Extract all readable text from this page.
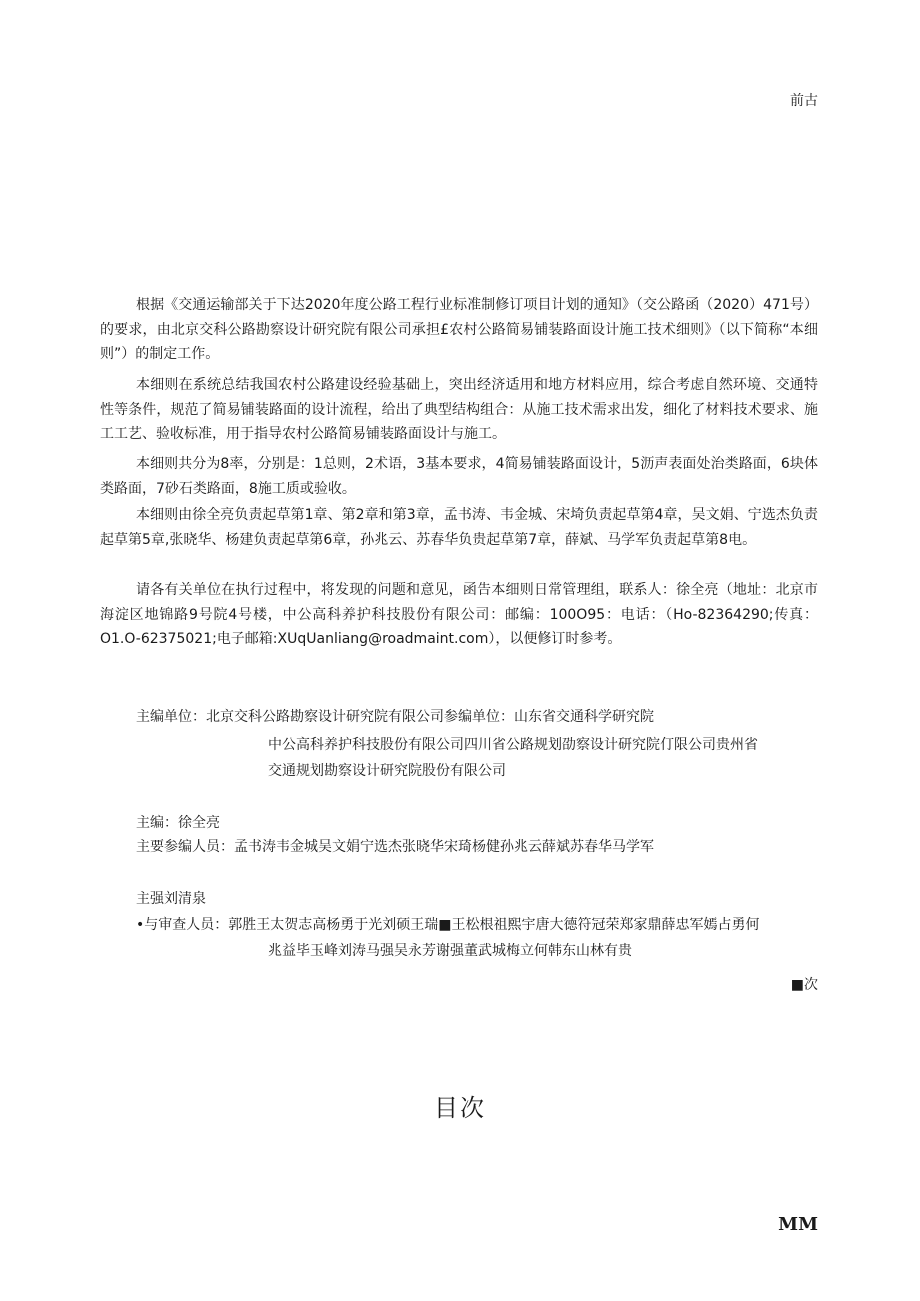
前古

根据《交通运输部关于下达2020年度公路工程行业标准制修订项目计划的通知》（交公路函（2020）471号）的要求，由北京交科公路勘察设计研究院有限公司承担£农村公路简易铺装路面设计施工技术细则》（以下简称“本细则”）的制定工作。

本细则在系统总结我国农村公路建设经验基础上，突出经济适用和地方材料应用，综合考虑自然环境、交通特性等条件，规范了简易铺装路面的设计流程，给出了典型结构组合：从施工技术需求出发，细化了材料技术要求、施工工艺、验收标准，用于指导农村公路简易铺装路面设计与施工。

本细则共分为8率，分别是：1总则，2术语，3基本要求，4简易铺装路面设计，5沥声表面处治类路面，6块体类路面，7砂石类路面，8施工质或验收。

本细则由徐全亮负责起草第1章、第2章和第3章，孟书涛、韦金城、宋埼负责起草第4章，吴文娟、宁选杰负责起草第5章,张晓华、杨建负责起草第6章，孙兆云、苏春华负贵起草第7章，薛斌、马学军负责起草第8电。

请各有关单位在执行过程中，将发现的问题和意见，函告本细则日常管理组，联系人：徐全亮（地址：北京市海淀区地锦路9号院4号楼，中公高科养护科技股份有限公司：邮编：100O95：电话：（Ho-82364290;传真：O1.O-62375021;电子邮箱:XUqUanliang@roadmaint.com），以便修订时参考。

主编单位：北京交科公路勘察设计研究院有限公司参编单位：山东省交通科学研究院
中公高科养护科技股份有限公司四川省公路规划劭察设计研究院仃限公司贵州省
交通规划勘察设计研究院股份有限公司
主编：徐全亮
主要参编人员：孟书涛韦金城吴文娟宁选杰张晓华宋琦杨健孙兆云薛斌苏春华马学军
主强刘清泉
•与审查人员：郭胜王太贺志高杨勇于光刘硕王瑞■王松根祖熙宇唐大德符冠荣郑家鼎薛忠军嫣占勇何
兆益毕玉峰刘涛马强吴永芳谢强董武城梅立何韩东山林有贵
■次
目次
MM
